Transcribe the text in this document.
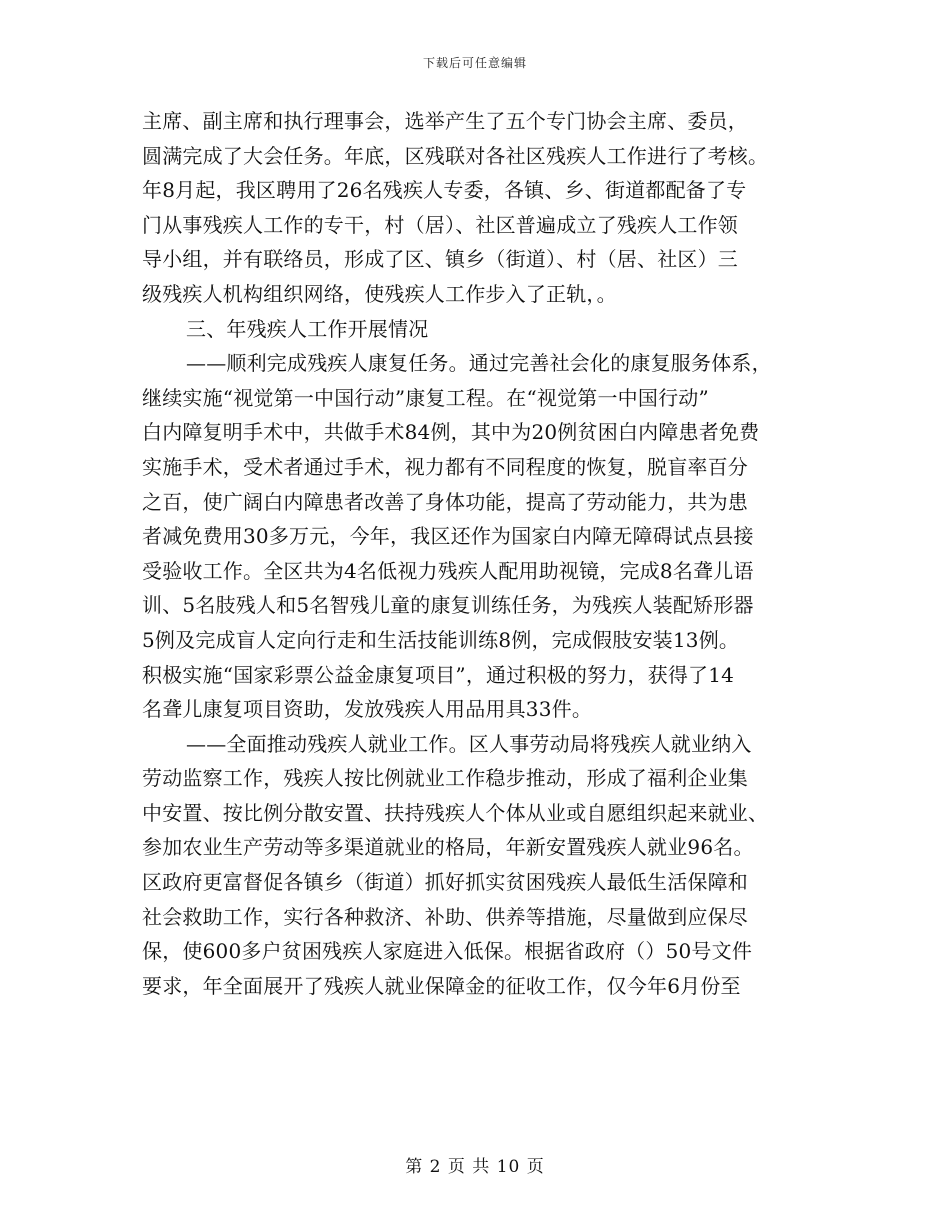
下载后可任意编辑
主席、副主席和执行理事会，选举产生了五个专门协会主席、委员，
圆满完成了大会任务。年底，区残联对各社区残疾人工作进行了考核。
年8月起，我区聘用了26名残疾人专委，各镇、乡、街道都配备了专
门从事残疾人工作的专干，村（居）、社区普遍成立了残疾人工作领
导小组，并有联络员，形成了区、镇乡（街道）、村（居、社区）三
级残疾人机构组织网络，使残疾人工作步入了正轨，。
三、年残疾人工作开展情况
——顺利完成残疾人康复任务。通过完善社会化的康复服务体系，
继续实施“视觉第一中国行动”康复工程。在“视觉第一中国行动”
白内障复明手术中，共做手术84例，其中为20例贫困白内障患者免费
实施手术，受术者通过手术，视力都有不同程度的恢复，脱盲率百分
之百，使广阔白内障患者改善了身体功能，提高了劳动能力，共为患
者减免费用30多万元，今年，我区还作为国家白内障无障碍试点县接
受验收工作。全区共为4名低视力残疾人配用助视镜，完成8名聋儿语
训、5名肢残人和5名智残儿童的康复训练任务，为残疾人装配矫形器
5例及完成盲人定向行走和生活技能训练8例，完成假肢安装13例。
积极实施“国家彩票公益金康复项目”，通过积极的努力，获得了14
名聋儿康复项目资助，发放残疾人用品用具33件。
——全面推动残疾人就业工作。区人事劳动局将残疾人就业纳入
劳动监察工作，残疾人按比例就业工作稳步推动，形成了福利企业集
中安置、按比例分散安置、扶持残疾人个体从业或自愿组织起来就业、
参加农业生产劳动等多渠道就业的格局，年新安置残疾人就业96名。
区政府更富督促各镇乡（街道）抓好抓实贫困残疾人最低生活保障和
社会救助工作，实行各种救济、补助、供养等措施，尽量做到应保尽
保，使600多户贫困残疾人家庭进入低保。根据省政府（）50号文件
要求，年全面展开了残疾人就业保障金的征收工作，仅今年6月份至
第 2 页 共 10 页
